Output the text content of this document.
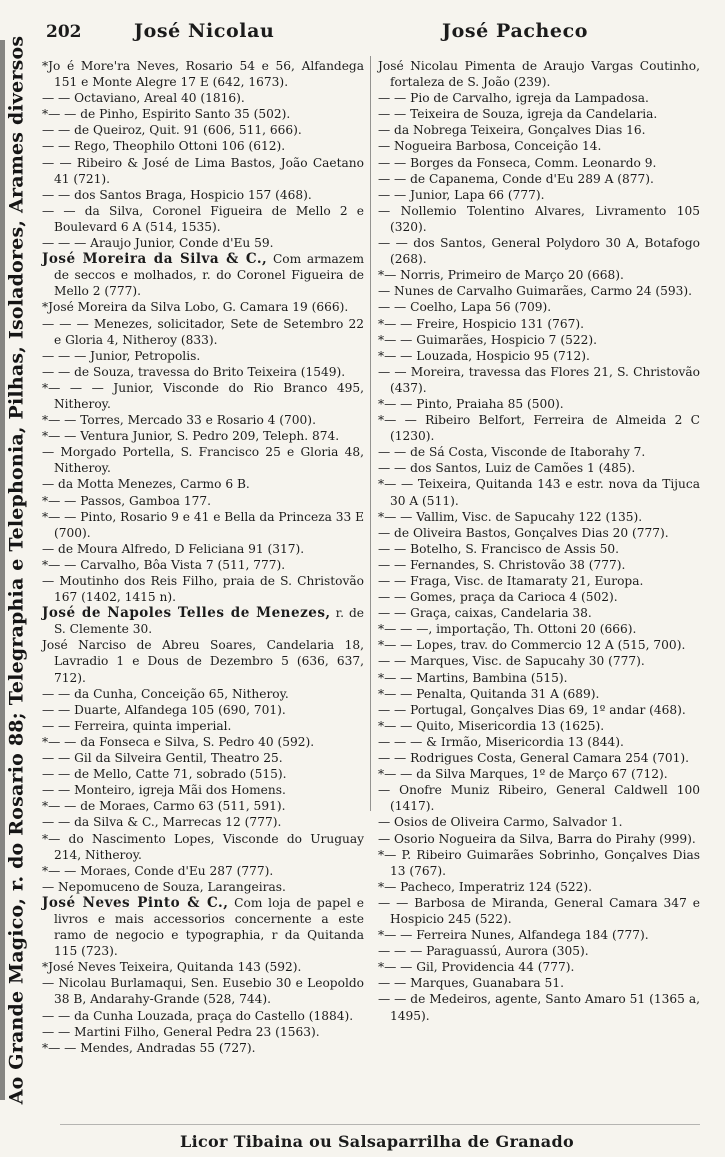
Ao Grande Magico, r. do Rosario 88; Telegraphia e Telephonia, Pilhas, Isoladores, Arames diversos
202	José Nicolau	José Pacheco

*Jo é More'ra Neves, Rosario 54 e 56, Alfandega 151 e Monte Alegre 17 E (642, 1673).

— — Octaviano, Areal 40 (1816).

*— — de Pinho, Espirito Santo 35 (502).

— — de Queiroz, Quit. 91 (606, 511, 666).

— — Rego, Theophilo Ottoni 106 (612).

— — Ribeiro & José de Lima Bastos, João Caetano 41 (721).

— — dos Santos Braga, Hospicio 157 (468).

— — da Silva, Coronel Figueira de Mello 2 e Boulevard 6 A (514, 1535).

— — — Araujo Junior, Conde d'Eu 59.

José Moreira da Silva & C., Com armazem de seccos e molhados, r. do Coronel Figueira de Mello 2 (777).

*José Moreira da Silva Lobo, G. Camara 19 (666).

— — — Menezes, solicitador, Sete de Setembro 22 e Gloria 4, Nitheroy (833).

— — — Junior, Petropolis.

— — de Souza, travessa do Brito Teixeira (1549).

*— — — Junior, Visconde do Rio Branco 495, Nitheroy.

*— — Torres, Mercado 33 e Rosario 4 (700).

*— — Ventura Junior, S. Pedro 209, Teleph. 874.

— Morgado Portella, S. Francisco 25 e Gloria 48, Nitheroy.

— da Motta Menezes, Carmo 6 B.

*— — Passos, Gamboa 177.

*— — Pinto, Rosario 9 e 41 e Bella da Princeza 33 E (700).

— de Moura Alfredo, D Feliciana 91 (317).

*— — Carvalho, Bôa Vista 7 (511, 777).

— Moutinho dos Reis Filho, praia de S. Christovão 167 (1402, 1415 n).

José de Napoles Telles de Menezes, r. de S. Clemente 30.

José Narciso de Abreu Soares, Candelaria 18, Lavradio 1 e Dous de Dezembro 5 (636, 637, 712).

— — da Cunha, Conceição 65, Nitheroy.

— — Duarte, Alfandega 105 (690, 701).

— — Ferreira, quinta imperial.

*— — da Fonseca e Silva, S. Pedro 40 (592).

— — Gil da Silveira Gentil, Theatro 25.

— — de Mello, Catte 71, sobrado (515).

— — Monteiro, igreja Mãi dos Homens.

*— — de Moraes, Carmo 63 (511, 591).

— — da Silva & C., Marrecas 12 (777).

*— do Nascimento Lopes, Visconde do Uruguay 214, Nitheroy.

*— — Moraes, Conde d'Eu 287 (777).

— Nepomuceno de Souza, Larangeiras.

José Neves Pinto & C., Com loja de papel e livros e mais accessorios concernente a este ramo de negocio e typographia, r da Quitanda 115 (723).

*José Neves Teixeira, Quitanda 143 (592).

— Nicolau Burlamaqui, Sen. Eusebio 30 e Leopoldo 38 B, Andarahy-Grande (528, 744).

— — da Cunha Louzada, praça do Castello (1884).

— — Martini Filho, General Pedra 23 (1563).

*— — Mendes, Andradas 55 (727).

José Nicolau Pimenta de Araujo Vargas Coutinho, fortaleza de S. João (239).

— — Pio de Carvalho, igreja da Lampadosa.

— — Teixeira de Souza, igreja da Candelaria.

— da Nobrega Teixeira, Gonçalves Dias 16.

— Nogueira Barbosa, Conceição 14.

— — Borges da Fonseca, Comm. Leonardo 9.

— — de Capanema, Conde d'Eu 289 A (877).

— — Junior, Lapa 66 (777).

— Nollemio Tolentino Alvares, Livramento 105 (320).

— — dos Santos, General Polydoro 30 A, Botafogo (268).

*— Norris, Primeiro de Março 20 (668).

— Nunes de Carvalho Guimarães, Carmo 24 (593).

— — Coelho, Lapa 56 (709).

*— — Freire, Hospicio 131 (767).

*— — Guimarães, Hospicio 7 (522).

*— — Louzada, Hospicio 95 (712).

— — Moreira, travessa das Flores 21, S. Christovão (437).

*— — Pinto, Praiaha 85 (500).

*— — Ribeiro Belfort, Ferreira de Almeida 2 C (1230).

— — de Sá Costa, Visconde de Itaborahy 7.

— — dos Santos, Luiz de Camões 1 (485).

*— — Teixeira, Quitanda 143 e estr. nova da Tijuca 30 A (511).

*— — Vallim, Visc. de Sapucahy 122 (135).

— de Oliveira Bastos, Gonçalves Dias 20 (777).

— — Botelho, S. Francisco de Assis 50.

— — Fernandes, S. Christovão 38 (777).

— — Fraga, Visc. de Itamaraty 21, Europa.

— — Gomes, praça da Carioca 4 (502).

— — Graça, caixas, Candelaria 38.

*— — —, importação, Th. Ottoni 20 (666).

*— — Lopes, trav. do Commercio 12 A (515, 700).

— — Marques, Visc. de Sapucahy 30 (777).

*— — Martins, Bambina (515).

*— — Penalta, Quitanda 31 A (689).

— — Portugal, Gonçalves Dias 69, 1º andar (468).

*— — Quito, Misericordia 13 (1625).

— — — & Irmão, Misericordia 13 (844).

— — Rodrigues Costa, General Camara 254 (701).

*— — da Silva Marques, 1º de Março 67 (712).

— Onofre Muniz Ribeiro, General Caldwell 100 (1417).

— Osios de Oliveira Carmo, Salvador 1.

— Osorio Nogueira da Silva, Barra do Pirahy (999).

*— P. Ribeiro Guimarães Sobrinho, Gonçalves Dias 13 (767).

*— Pacheco, Imperatriz 124 (522).

— — Barbosa de Miranda, General Camara 347 e Hospicio 245 (522).

*— — Ferreira Nunes, Alfandega 184 (777).

— — — Paraguassú, Aurora (305).

*— — Gil, Providencia 44 (777).

— — Marques, Guanabara 51.

— — de Medeiros, agente, Santo Amaro 51 (1365 a, 1495).

Licor Tibaina ou Salsaparrilha de Granado
